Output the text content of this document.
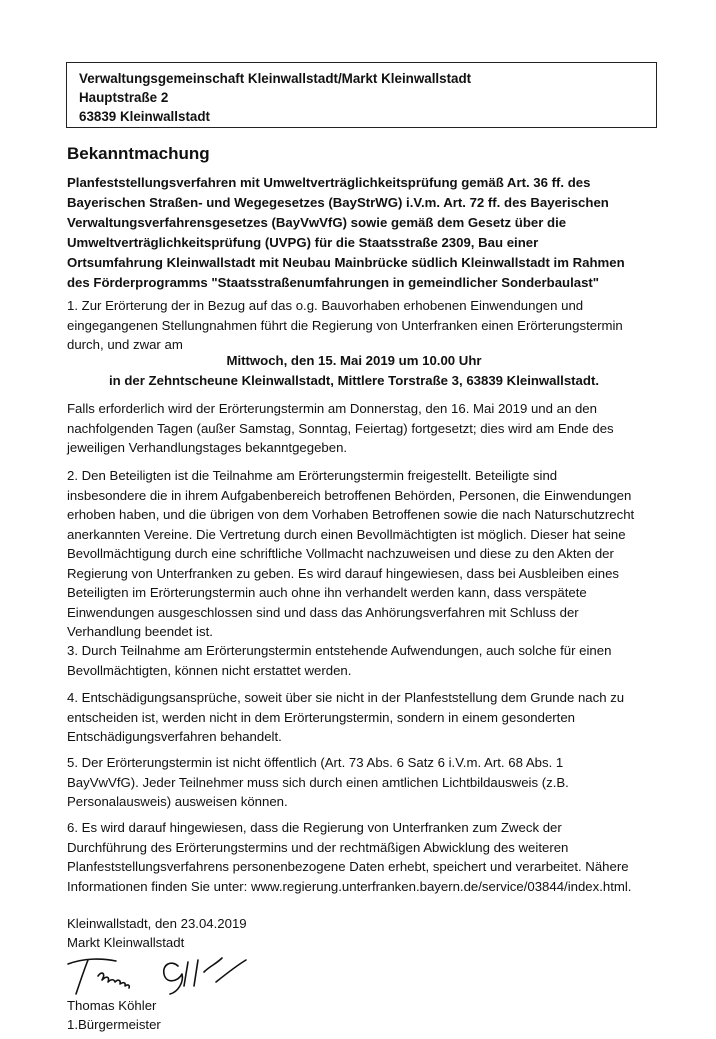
Verwaltungsgemeinschaft Kleinwallstadt/Markt Kleinwallstadt
Hauptstraße 2
63839 Kleinwallstadt
Bekanntmachung
Planfeststellungsverfahren mit Umweltverträglichkeitsprüfung gemäß Art. 36 ff. des
Bayerischen Straßen- und Wegegesetzes (BayStrWG) i.V.m. Art. 72 ff. des Bayerischen
Verwaltungsverfahrensgesetzes (BayVwVfG) sowie gemäß dem Gesetz über die
Umweltverträglichkeitsprüfung (UVPG) für die Staatsstraße 2309, Bau einer
Ortsumfahrung Kleinwallstadt mit Neubau Mainbrücke südlich Kleinwallstadt im Rahmen
des Förderprogramms "Staatsstraßenumfahrungen in gemeindlicher Sonderbaulast"
1. Zur Erörterung der in Bezug auf das o.g. Bauvorhaben erhobenen Einwendungen und
eingegangenen Stellungnahmen führt die Regierung von Unterfranken einen Erörterungstermin
durch, und zwar am
Mittwoch, den 15. Mai 2019 um 10.00 Uhr
in der Zehntscheune Kleinwallstadt, Mittlere Torstraße 3, 63839 Kleinwallstadt.
Falls erforderlich wird der Erörterungstermin am Donnerstag, den 16. Mai 2019 und an den
nachfolgenden Tagen (außer Samstag, Sonntag, Feiertag) fortgesetzt; dies wird am Ende des
jeweiligen Verhandlungstages bekanntgegeben.
2. Den Beteiligten ist die Teilnahme am Erörterungstermin freigestellt. Beteiligte sind
insbesondere die in ihrem Aufgabenbereich betroffenen Behörden, Personen, die Einwendungen
erhoben haben, und die übrigen von dem Vorhaben Betroffenen sowie die nach Naturschutzrecht
anerkannten Vereine. Die Vertretung durch einen Bevollmächtigten ist möglich. Dieser hat seine
Bevollmächtigung durch eine schriftliche Vollmacht nachzuweisen und diese zu den Akten der
Regierung von Unterfranken zu geben. Es wird darauf hingewiesen, dass bei Ausbleiben eines
Beteiligten im Erörterungstermin auch ohne ihn verhandelt werden kann, dass verspätete
Einwendungen ausgeschlossen sind und dass das Anhörungsverfahren mit Schluss der
Verhandlung beendet ist.
3. Durch Teilnahme am Erörterungstermin entstehende Aufwendungen, auch solche für einen
Bevollmächtigten, können nicht erstattet werden.
4. Entschädigungsansprüche, soweit über sie nicht in der Planfeststellung dem Grunde nach zu
entscheiden ist, werden nicht in dem Erörterungstermin, sondern in einem gesonderten
Entschädigungsverfahren behandelt.
5. Der Erörterungstermin ist nicht öffentlich (Art. 73 Abs. 6 Satz 6 i.V.m. Art. 68 Abs. 1
BayVwVfG). Jeder Teilnehmer muss sich durch einen amtlichen Lichtbildausweis (z.B.
Personalausweis) ausweisen können.
6. Es wird darauf hingewiesen, dass die Regierung von Unterfranken zum Zweck der
Durchführung des Erörterungstermins und der rechtmäßigen Abwicklung des weiteren
Planfeststellungsverfahrens personenbezogene Daten erhebt, speichert und verarbeitet. Nähere
Informationen finden Sie unter: www.regierung.unterfranken.bayern.de/service/03844/index.html.
Kleinwallstadt, den 23.04.2019
Markt Kleinwallstadt
Thomas Köhler
1.Bürgermeister
